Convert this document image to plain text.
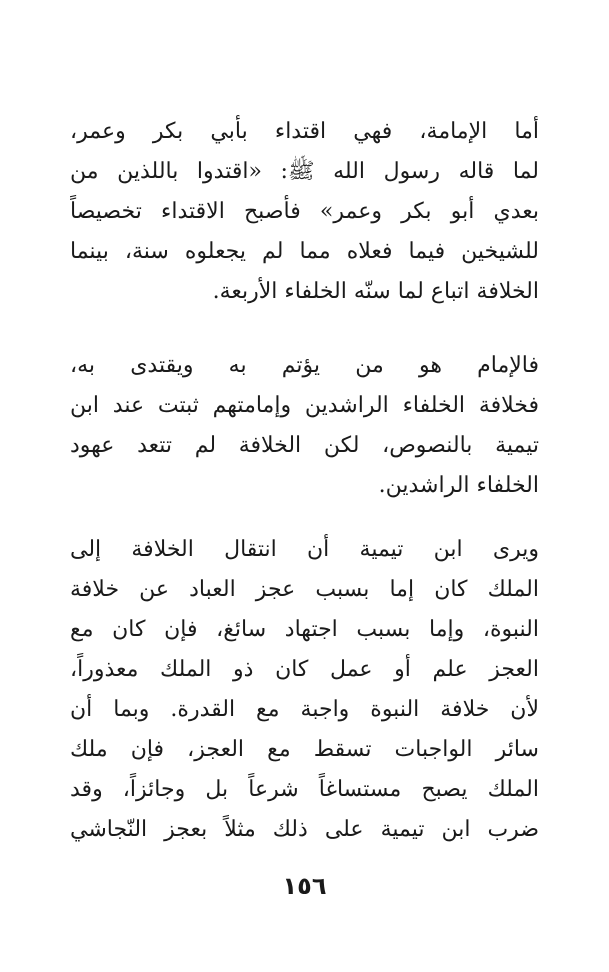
أما الإمامة، فهي اقتداء بأبي بكر وعمر،
لما قاله رسول الله ﷺ: «اقتدوا باللذين من
بعدي أبو بكر وعمر» فأصبح الاقتداء تخصيصاً
للشيخين فيما فعلاه مما لم يجعلوه سنة، بينما
الخلافة اتباع لما سنّه الخلفاء الأربعة.
فالإمام هو من يؤتم به ويقتدى به،
فخلافة الخلفاء الراشدين وإمامتهم ثبتت عند ابن
تيمية بالنصوص، لكن الخلافة لم تتعد عهود
الخلفاء الراشدين.
ويرى ابن تيمية أن انتقال الخلافة إلى
الملك كان إما بسبب عجز العباد عن خلافة
النبوة، وإما بسبب اجتهاد سائغ، فإن كان مع
العجز علم أو عمل كان ذو الملك معذوراً،
لأن خلافة النبوة واجبة مع القدرة. وبما أن
سائر الواجبات تسقط مع العجز، فإن ملك
الملك يصبح مستساغاً شرعاً بل وجائزاً، وقد
ضرب ابن تيمية على ذلك مثلاً بعجز النّجاشي
١٥٦
